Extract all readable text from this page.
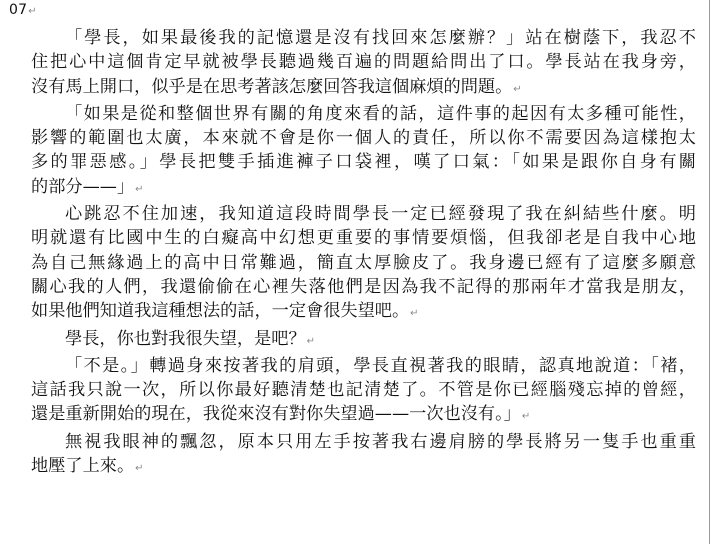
07↵

「學長，如果最後我的記憶還是沒有找回來怎麼辦？」站在樹蔭下，我忍不
住把心中這個肯定早就被學長聽過幾百遍的問題給問出了口。學長站在我身旁，
沒有馬上開口，似乎是在思考著該怎麼回答我這個麻煩的問題。↵

「如果是從和整個世界有關的角度來看的話，這件事的起因有太多種可能性，
影響的範圍也太廣，本來就不會是你一個人的責任，所以你不需要因為這樣抱太
多的罪惡感。」學長把雙手插進褲子口袋裡，嘆了口氣：「如果是跟你自身有關
的部分——」↵

心跳忍不住加速，我知道這段時間學長一定已經發現了我在糾結些什麼。明
明就還有比國中生的白癡高中幻想更重要的事情要煩惱，但我卻老是自我中心地
為自己無緣過上的高中日常難過，簡直太厚臉皮了。我身邊已經有了這麼多願意
關心我的人們，我還偷偷在心裡失落他們是因為我不記得的那兩年才當我是朋友，
如果他們知道我這種想法的話，一定會很失望吧。↵

學長，你也對我很失望，是吧？↵

「不是。」轉過身來按著我的肩頭，學長直視著我的眼睛，認真地說道：「褚，
這話我只說一次，所以你最好聽清楚也記清楚了。不管是你已經腦殘忘掉的曾經，
還是重新開始的現在，我從來沒有對你失望過——一次也沒有。」↵

無視我眼神的飄忽，原本只用左手按著我右邊肩膀的學長將另一隻手也重重
地壓了上來。↵
